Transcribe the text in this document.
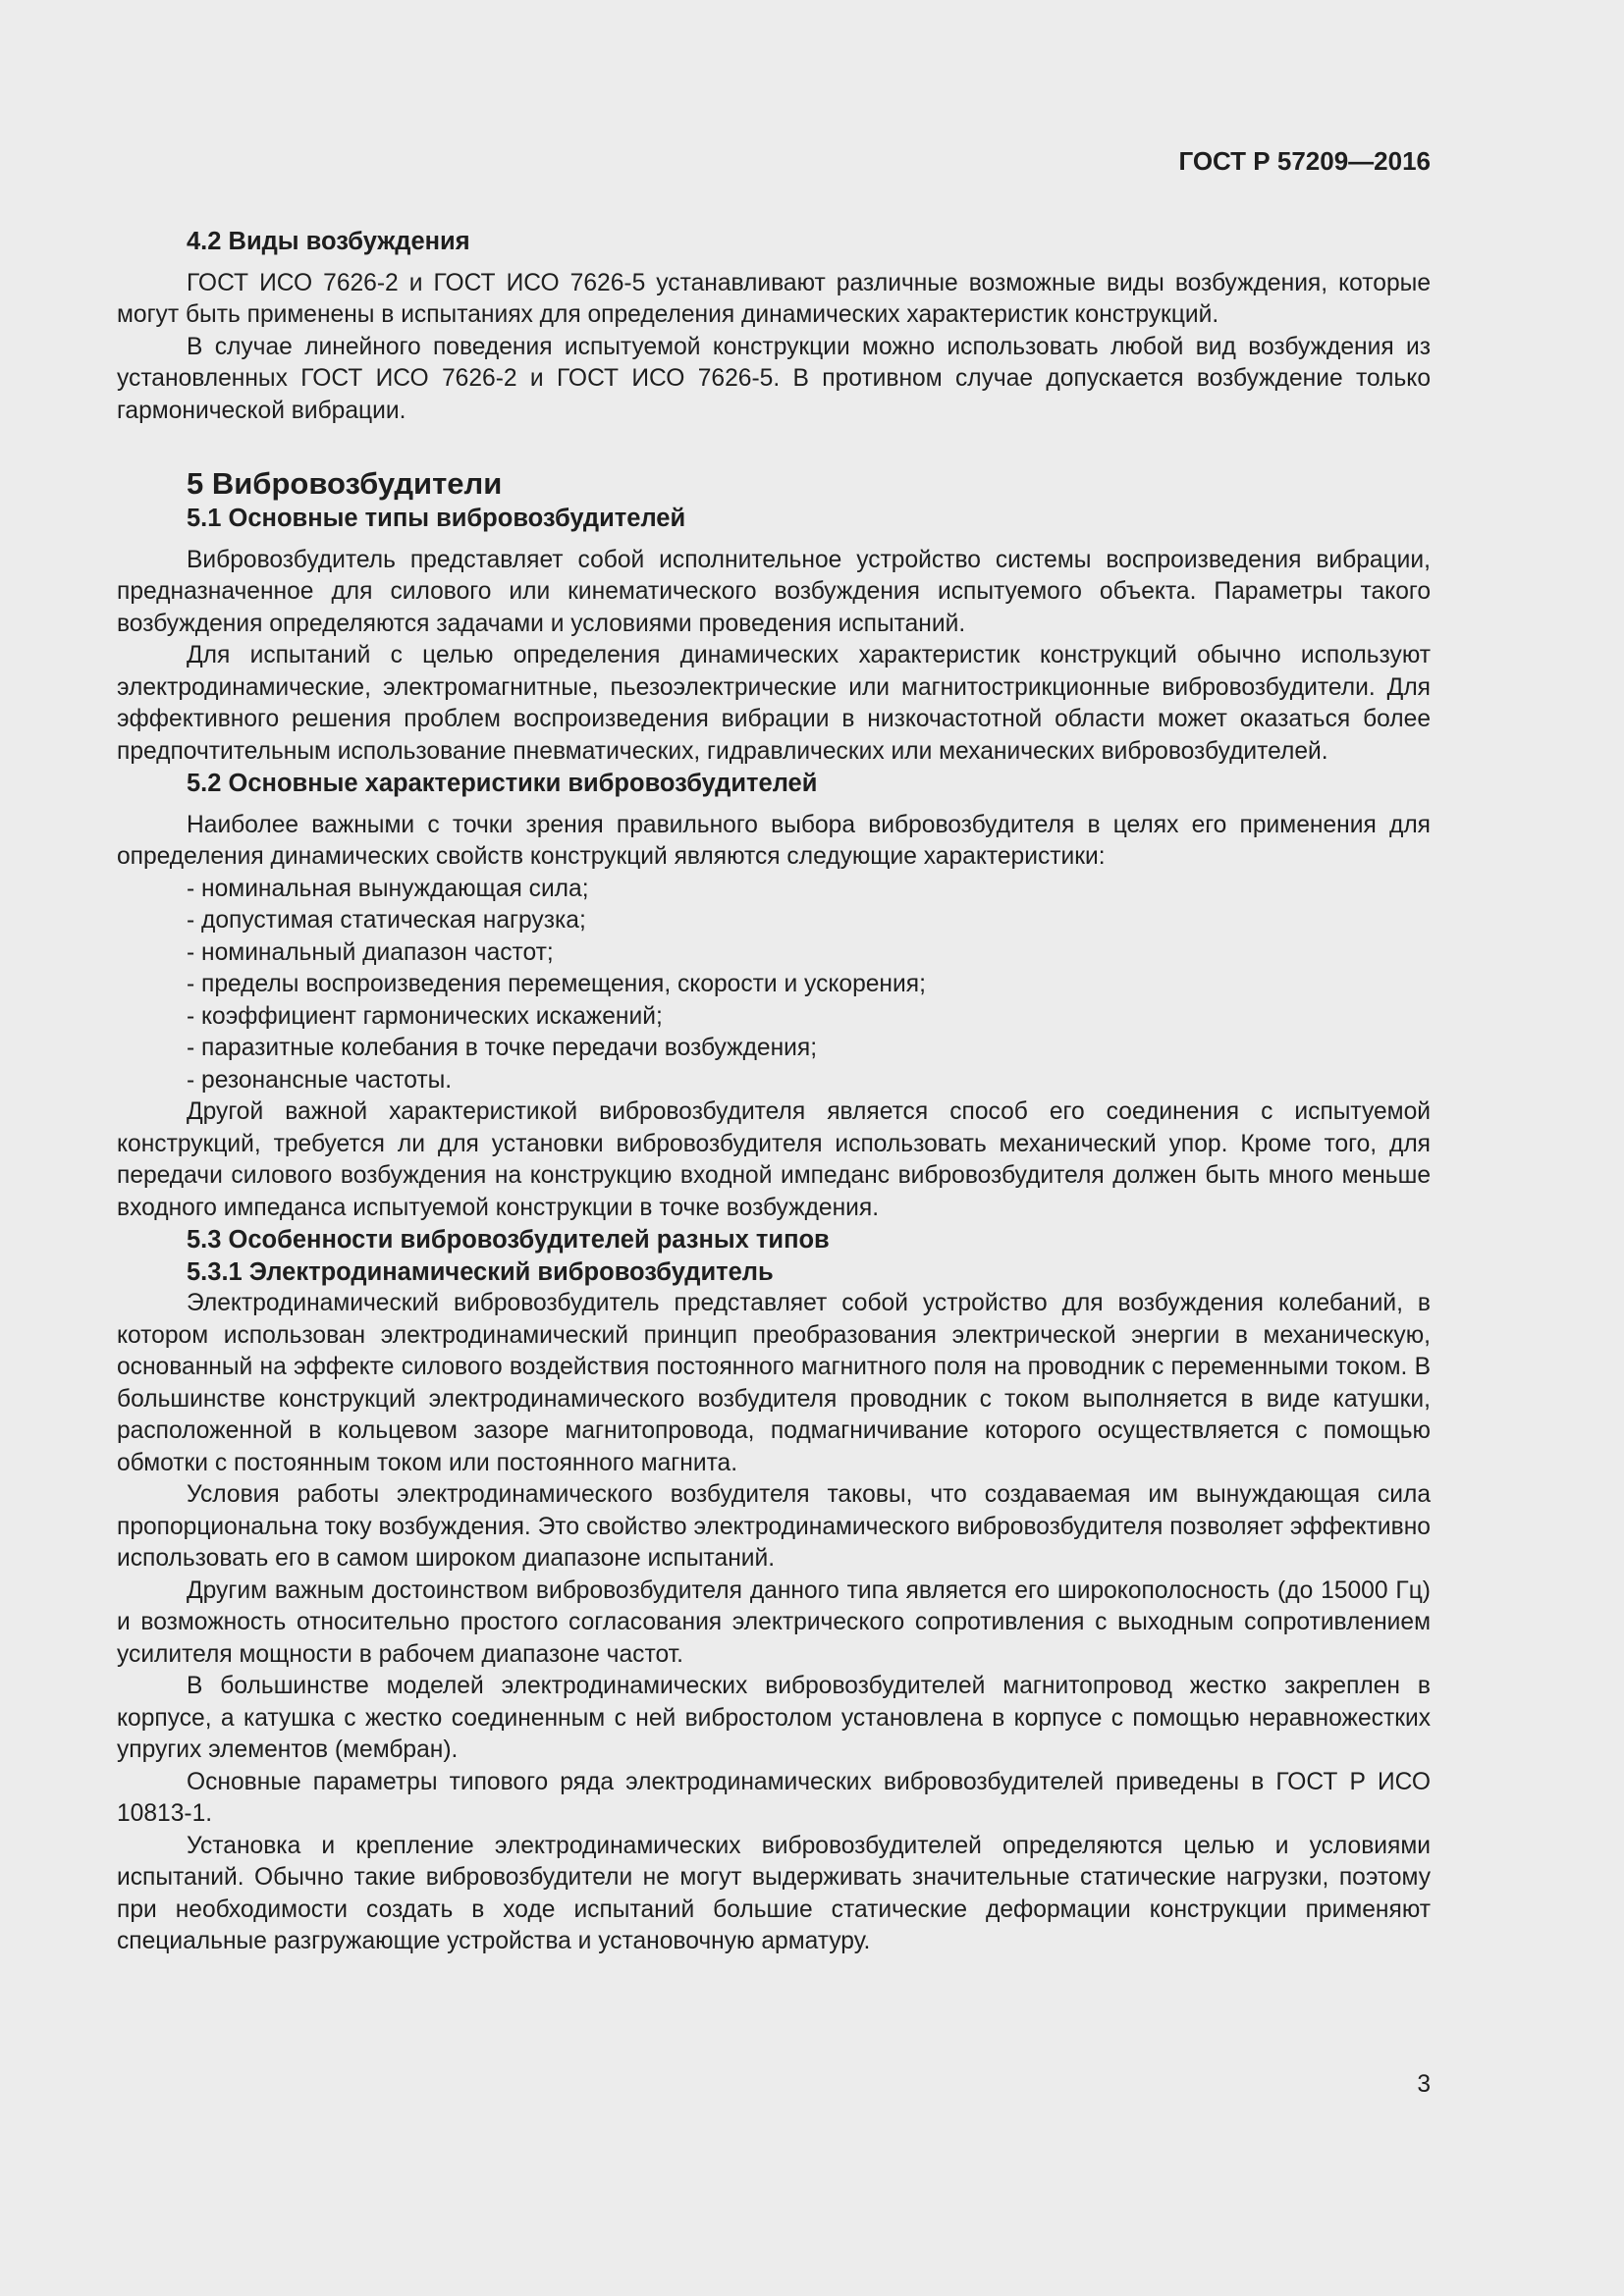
ГОСТ Р 57209—2016
4.2 Виды возбуждения

ГОСТ ИСО 7626-2 и ГОСТ ИСО 7626-5 устанавливают различные возможные виды возбуждения, которые могут быть применены в испытаниях для определения динамических характеристик конструкций.

В случае линейного поведения испытуемой конструкции можно использовать любой вид возбуждения из установленных ГОСТ ИСО 7626-2 и ГОСТ ИСО 7626-5. В противном случае допускается возбуждение только гармонической вибрации.

5 Вибровозбудители
5.1 Основные типы вибровозбудителей

Вибровозбудитель представляет собой исполнительное устройство системы воспроизведения вибрации, предназначенное для силового или кинематического возбуждения испытуемого объекта. Параметры такого возбуждения определяются задачами и условиями проведения испытаний.

Для испытаний с целью определения динамических характеристик конструкций обычно используют электродинамические, электромагнитные, пьезоэлектрические или магнитострикционные вибровозбудители. Для эффективного решения проблем воспроизведения вибрации в низкочастотной области может оказаться более предпочтительным использование пневматических, гидравлических или механических вибровозбудителей.

5.2 Основные характеристики вибровозбудителей

Наиболее важными с точки зрения правильного выбора вибровозбудителя в целях его применения для определения динамических свойств конструкций являются следующие характеристики:

- номинальная вынуждающая сила;
- допустимая статическая нагрузка;
- номинальный диапазон частот;
- пределы воспроизведения перемещения, скорости и ускорения;
- коэффициент гармонических искажений;
- паразитные колебания в точке передачи возбуждения;
- резонансные частоты.

Другой важной характеристикой вибровозбудителя является способ его соединения с испытуемой конструкций, требуется ли для установки вибровозбудителя использовать механический упор. Кроме того, для передачи силового возбуждения на конструкцию входной импеданс вибровозбудителя должен быть много меньше входного импеданса испытуемой конструкции в точке возбуждения.

5.3 Особенности вибровозбудителей разных типов
5.3.1 Электродинамический вибровозбудитель

Электродинамический вибровозбудитель представляет собой устройство для возбуждения колебаний, в котором использован электродинамический принцип преобразования электрической энергии в механическую, основанный на эффекте силового воздействия постоянного магнитного поля на проводник с переменными током. В большинстве конструкций электродинамического возбудителя проводник с током выполняется в виде катушки, расположенной в кольцевом зазоре магнитопровода, подмагничивание которого осуществляется с помощью обмотки с постоянным током или постоянного магнита.

Условия работы электродинамического возбудителя таковы, что создаваемая им вынуждающая сила пропорциональна току возбуждения. Это свойство электродинамического вибровозбудителя позволяет эффективно использовать его в самом широком диапазоне испытаний.

Другим важным достоинством вибровозбудителя данного типа является его широкополосность (до 15000 Гц) и возможность относительно простого согласования электрического сопротивления с выходным сопротивлением усилителя мощности в рабочем диапазоне частот.

В большинстве моделей электродинамических вибровозбудителей магнитопровод жестко закреплен в корпусе, а катушка с жестко соединенным с ней вибростолом установлена в корпусе с помощью неравножестких упругих элементов (мембран).

Основные параметры типового ряда электродинамических вибровозбудителей приведены в ГОСТ Р ИСО 10813-1.

Установка и крепление электродинамических вибровозбудителей определяются целью и условиями испытаний. Обычно такие вибровозбудители не могут выдерживать значительные статические нагрузки, поэтому при необходимости создать в ходе испытаний большие статические деформации конструкции применяют специальные разгружающие устройства и установочную арматуру.

3
